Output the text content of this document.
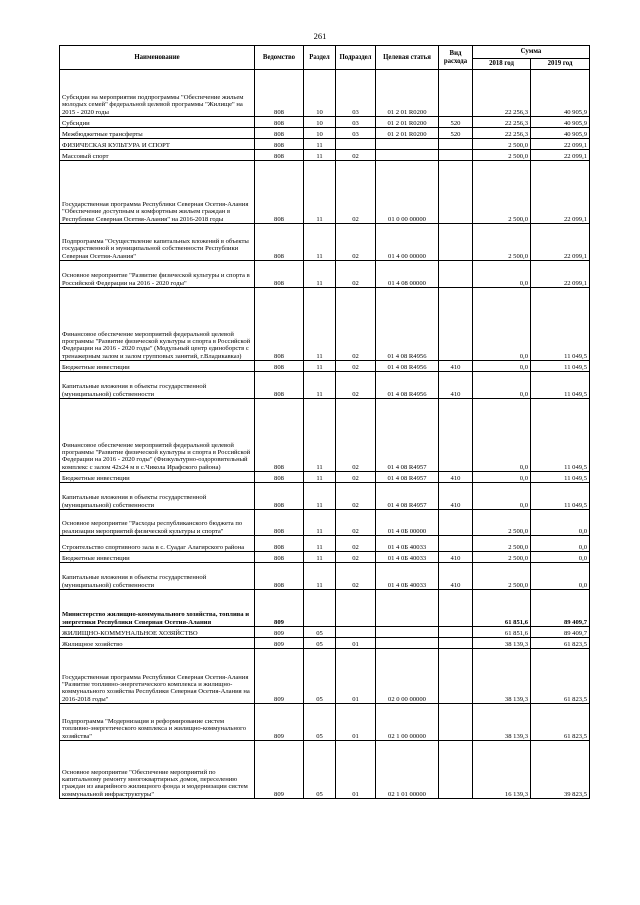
261
Наименование	Ведомство	Раздел	Подраздел	Целевая статья	Вид расхода	Сумма	
						2018 год	2019 год
Субсидии на мероприятия подпрограммы "Обеспечение жильем молодых семей" федеральной целевой программы "Жилище" на 2015 - 2020 годы	808	10	03	01 2 01 R0200		22 256,3	40 905,9
Субсидии	808	10	03	01 2 01 R0200	520	22 256,3	40 905,9
Межбюджетные трансферты	808	10	03	01 2 01 R0200	520	22 256,3	40 905,9
ФИЗИЧЕСКАЯ КУЛЬТУРА И СПОРТ	808	11				2 500,0	22 099,1
Массовый спорт	808	11	02			2 500,0	22 099,1
Государственная программа Республики Северная Осетия-Алания "Обеспечение доступным и комфортным жильем граждан в Республике Северная Осетия-Алания" на 2016-2018 годы	808	11	02	01 0 00 00000		2 500,0	22 099,1
Подпрограмма "Осуществление капитальных вложений в объекты государственной и муниципальной собственности Республики Северная Осетия-Алания"	808	11	02	01 4 00 00000		2 500,0	22 099,1
Основное мероприятие "Развитие физической культуры и спорта в Российской Федерации на 2016 - 2020 годы"	808	11	02	01 4 08 00000		0,0	22 099,1
Финансовое обеспечение мероприятий федеральной целевой программы "Развитие физической культуры и спорта в Российской Федерации на 2016 - 2020 годы" (Модульный центр единоборств с тренажерным залом и залом групповых занятий, г.Владикавказ)	808	11	02	01 4 08 R4956		0,0	11 049,5
Бюджетные инвестиции	808	11	02	01 4 08 R4956	410	0,0	11 049,5
Капитальные вложения в объекты государственной (муниципальной) собственности	808	11	02	01 4 08 R4956	410	0,0	11 049,5
Финансовое обеспечение мероприятий федеральной целевой программы "Развитие физической культуры и спорта в Российской Федерации на 2016 - 2020 годы" (Физкультурно-оздоровительный комплекс с залом 42х24 м в с.Чикола Ирафского района)	808	11	02	01 4 08 R4957		0,0	11 049,5
Бюджетные инвестиции	808	11	02	01 4 08 R4957	410	0,0	11 049,5
Капитальные вложения в объекты государственной (муниципальной) собственности	808	11	02	01 4 08 R4957	410	0,0	11 049,5
Основное мероприятие "Расходы республиканского бюджета по реализации мероприятий физической культуры и спорта"	808	11	02	01 4 0Б 00000		2 500,0	0,0
Строительство спортивного зала в с. Суадаг Алагирского района	808	11	02	01 4 0Б 40033		2 500,0	0,0
Бюджетные инвестиции	808	11	02	01 4 0Б 40033	410	2 500,0	0,0
Капитальные вложения в объекты государственной (муниципальной) собственности	808	11	02	01 4 0Б 40033	410	2 500,0	0,0
Министерство жилищно-коммунального хозяйства, топлива и энергетики Республики Северная Осетия-Алания	809					61 851,6	89 409,7
ЖИЛИЩНО-КОММУНАЛЬНОЕ ХОЗЯЙСТВО	809	05				61 851,6	89 409,7
Жилищное хозяйство	809	05	01			38 139,3	61 823,5
Государственная программа Республики Северная Осетия-Алания "Развитие топливно-энергетического комплекса и жилищно-коммунального хозяйства Республики Северная Осетия-Алания на 2016-2018 годы"	809	05	01	02 0 00 00000		38 139,3	61 823,5
Подпрограмма "Модернизация и реформирование систем топливно-энергетического комплекса и жилищно-коммунального хозяйства"	809	05	01	02 1 00 00000		38 139,3	61 823,5
Основное мероприятие "Обеспечение мероприятий по капитальному ремонту многоквартирных домов, переселению граждан из аварийного жилищного фонда и модернизации систем коммунальной инфраструктуры"	809	05	01	02 1 01 00000		16 139,3	39 823,5
